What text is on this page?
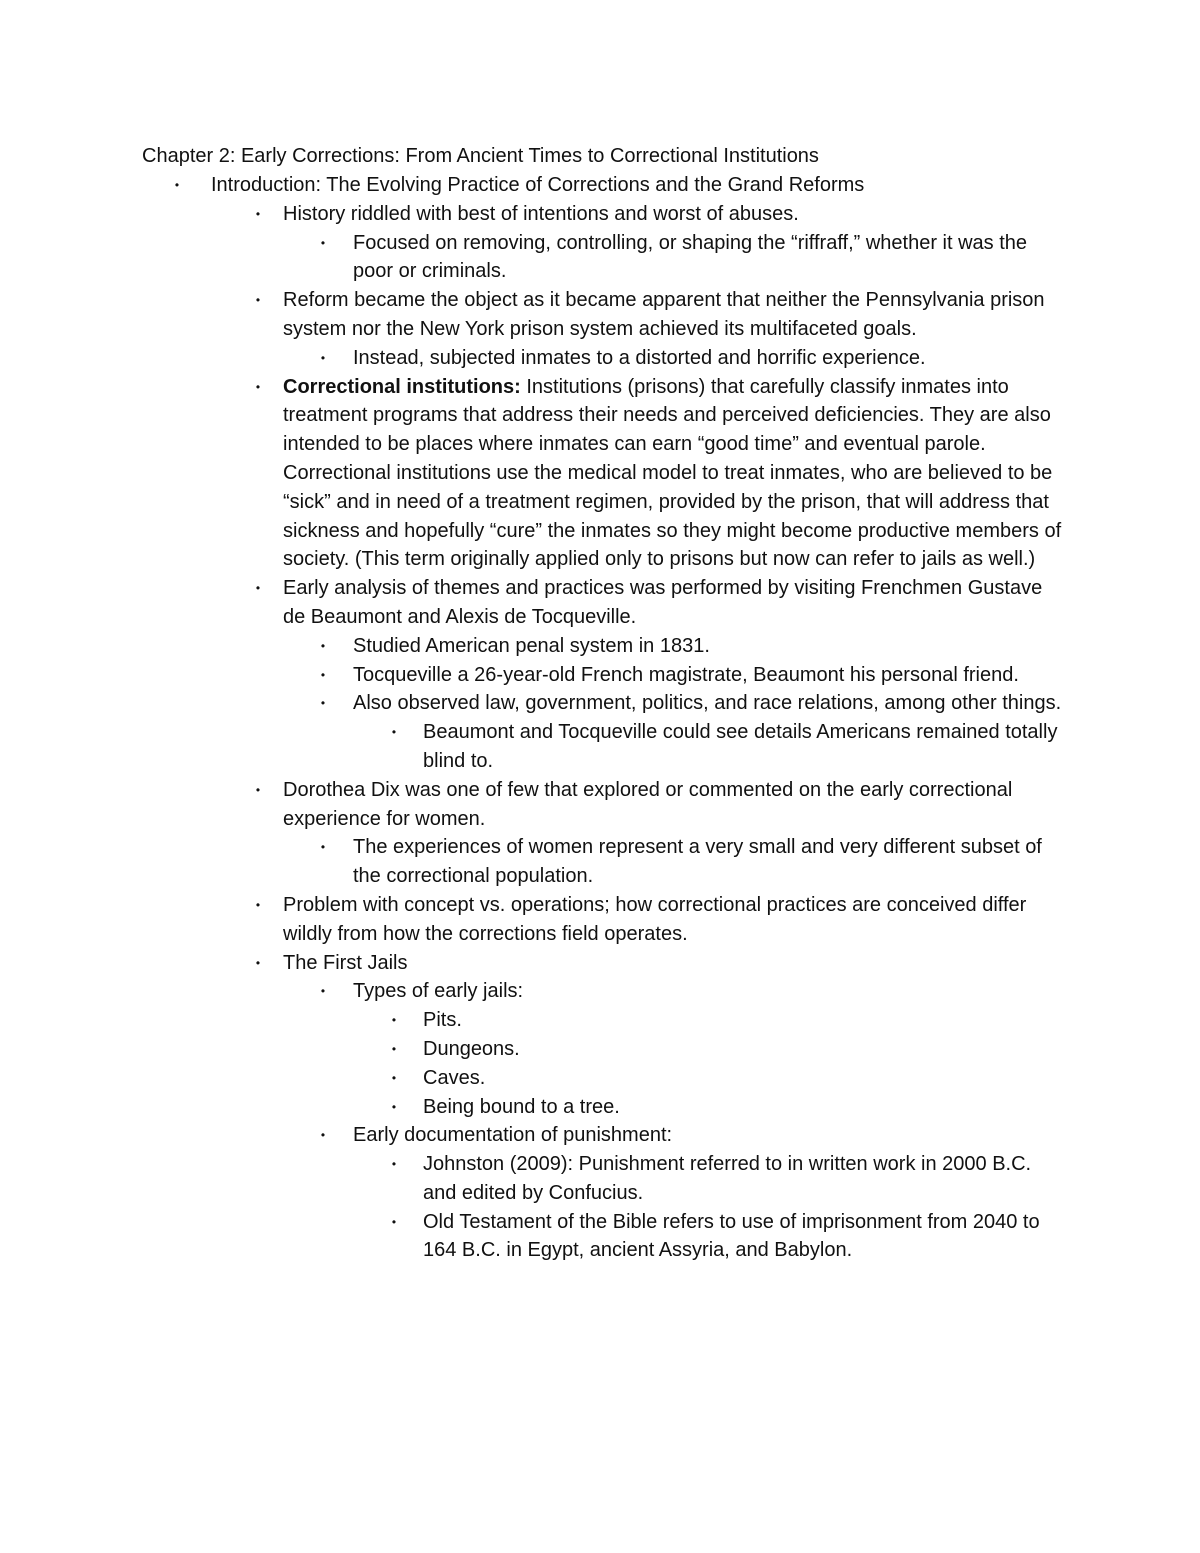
Chapter 2: Early Corrections: From Ancient Times to Correctional Institutions
• Introduction: The Evolving Practice of Corrections and the Grand Reforms
• History riddled with best of intentions and worst of abuses.
• Focused on removing, controlling, or shaping the “riffraff,” whether it was the poor or criminals.
• Reform became the object as it became apparent that neither the Pennsylvania prison system nor the New York prison system achieved its multifaceted goals.
• Instead, subjected inmates to a distorted and horrific experience.
• Correctional institutions: Institutions (prisons) that carefully classify inmates into treatment programs that address their needs and perceived deficiencies. They are also intended to be places where inmates can earn “good time” and eventual parole. Correctional institutions use the medical model to treat inmates, who are believed to be “sick” and in need of a treatment regimen, provided by the prison, that will address that sickness and hopefully “cure” the inmates so they might become productive members of society. (This term originally applied only to prisons but now can refer to jails as well.)
• Early analysis of themes and practices was performed by visiting Frenchmen Gustave de Beaumont and Alexis de Tocqueville.
• Studied American penal system in 1831.
• Tocqueville a 26-year-old French magistrate, Beaumont his personal friend.
• Also observed law, government, politics, and race relations, among other things.
• Beaumont and Tocqueville could see details Americans remained totally blind to.
• Dorothea Dix was one of few that explored or commented on the early correctional experience for women.
• The experiences of women represent a very small and very different subset of the correctional population.
• Problem with concept vs. operations; how correctional practices are conceived differ wildly from how the corrections field operates.
• The First Jails
• Types of early jails:
• Pits.
• Dungeons.
• Caves.
• Being bound to a tree.
• Early documentation of punishment:
• Johnston (2009): Punishment referred to in written work in 2000 B.C. and edited by Confucius.
• Old Testament of the Bible refers to use of imprisonment from 2040 to 164 B.C. in Egypt, ancient Assyria, and Babylon.
